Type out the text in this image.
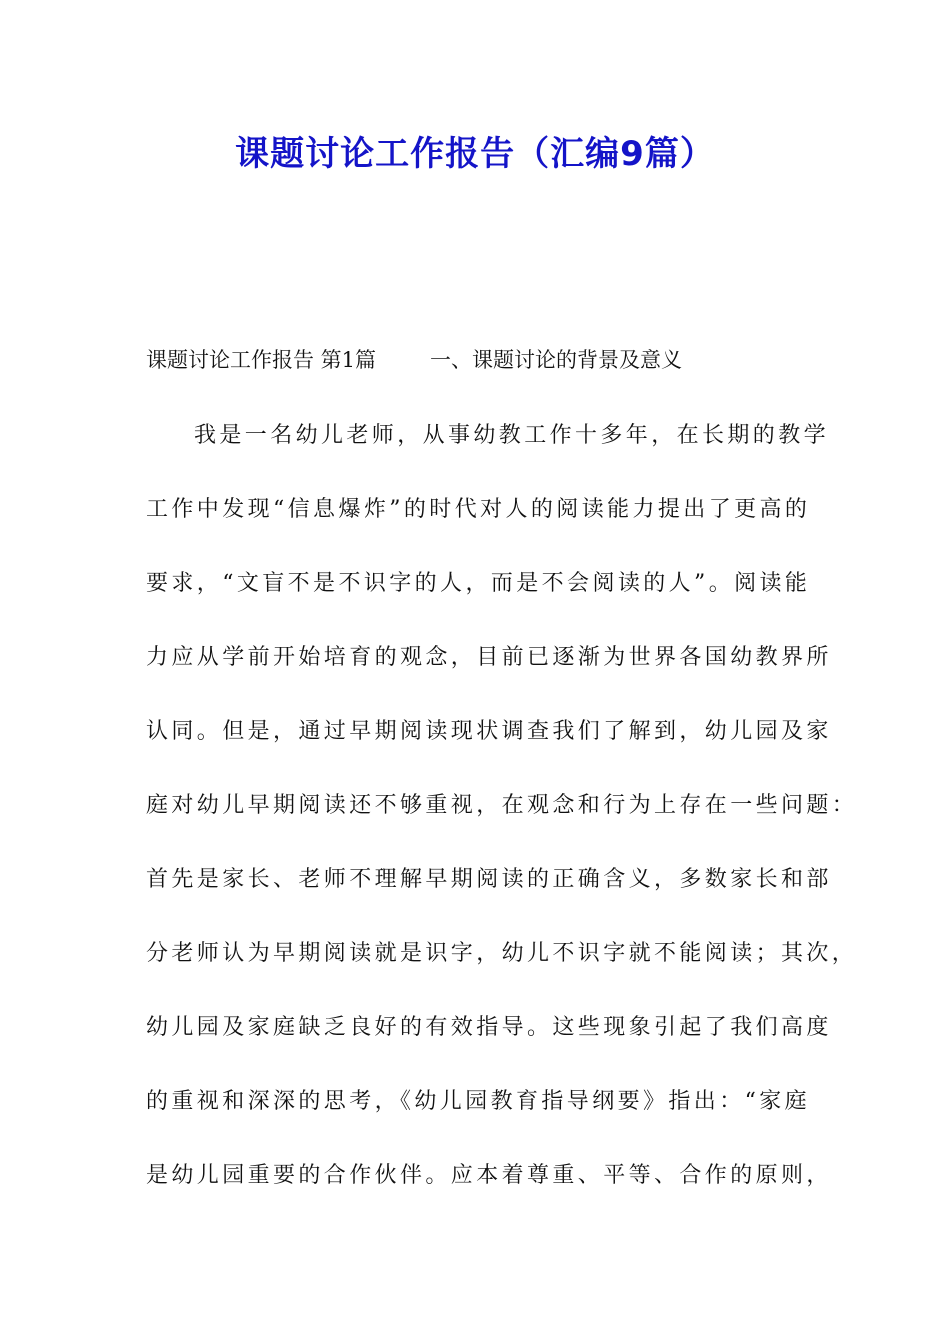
课题讨论工作报告（汇编9篇）
课题讨论工作报告 第1篇	一、课题讨论的背景及意义
我是一名幼儿老师，从事幼教工作十多年，在长期的教学
工作中发现“信息爆炸”的时代对人的阅读能力提出了更高的
要求，“文盲不是不识字的人，而是不会阅读的人”。阅读能
力应从学前开始培育的观念，目前已逐渐为世界各国幼教界所
认同。但是，通过早期阅读现状调查我们了解到，幼儿园及家
庭对幼儿早期阅读还不够重视，在观念和行为上存在一些问题：
首先是家长、老师不理解早期阅读的正确含义，多数家长和部
分老师认为早期阅读就是识字，幼儿不识字就不能阅读；其次，
幼儿园及家庭缺乏良好的有效指导。这些现象引起了我们高度
的重视和深深的思考，《幼儿园教育指导纲要》指出：“家庭
是幼儿园重要的合作伙伴。应本着尊重、平等、合作的原则，
